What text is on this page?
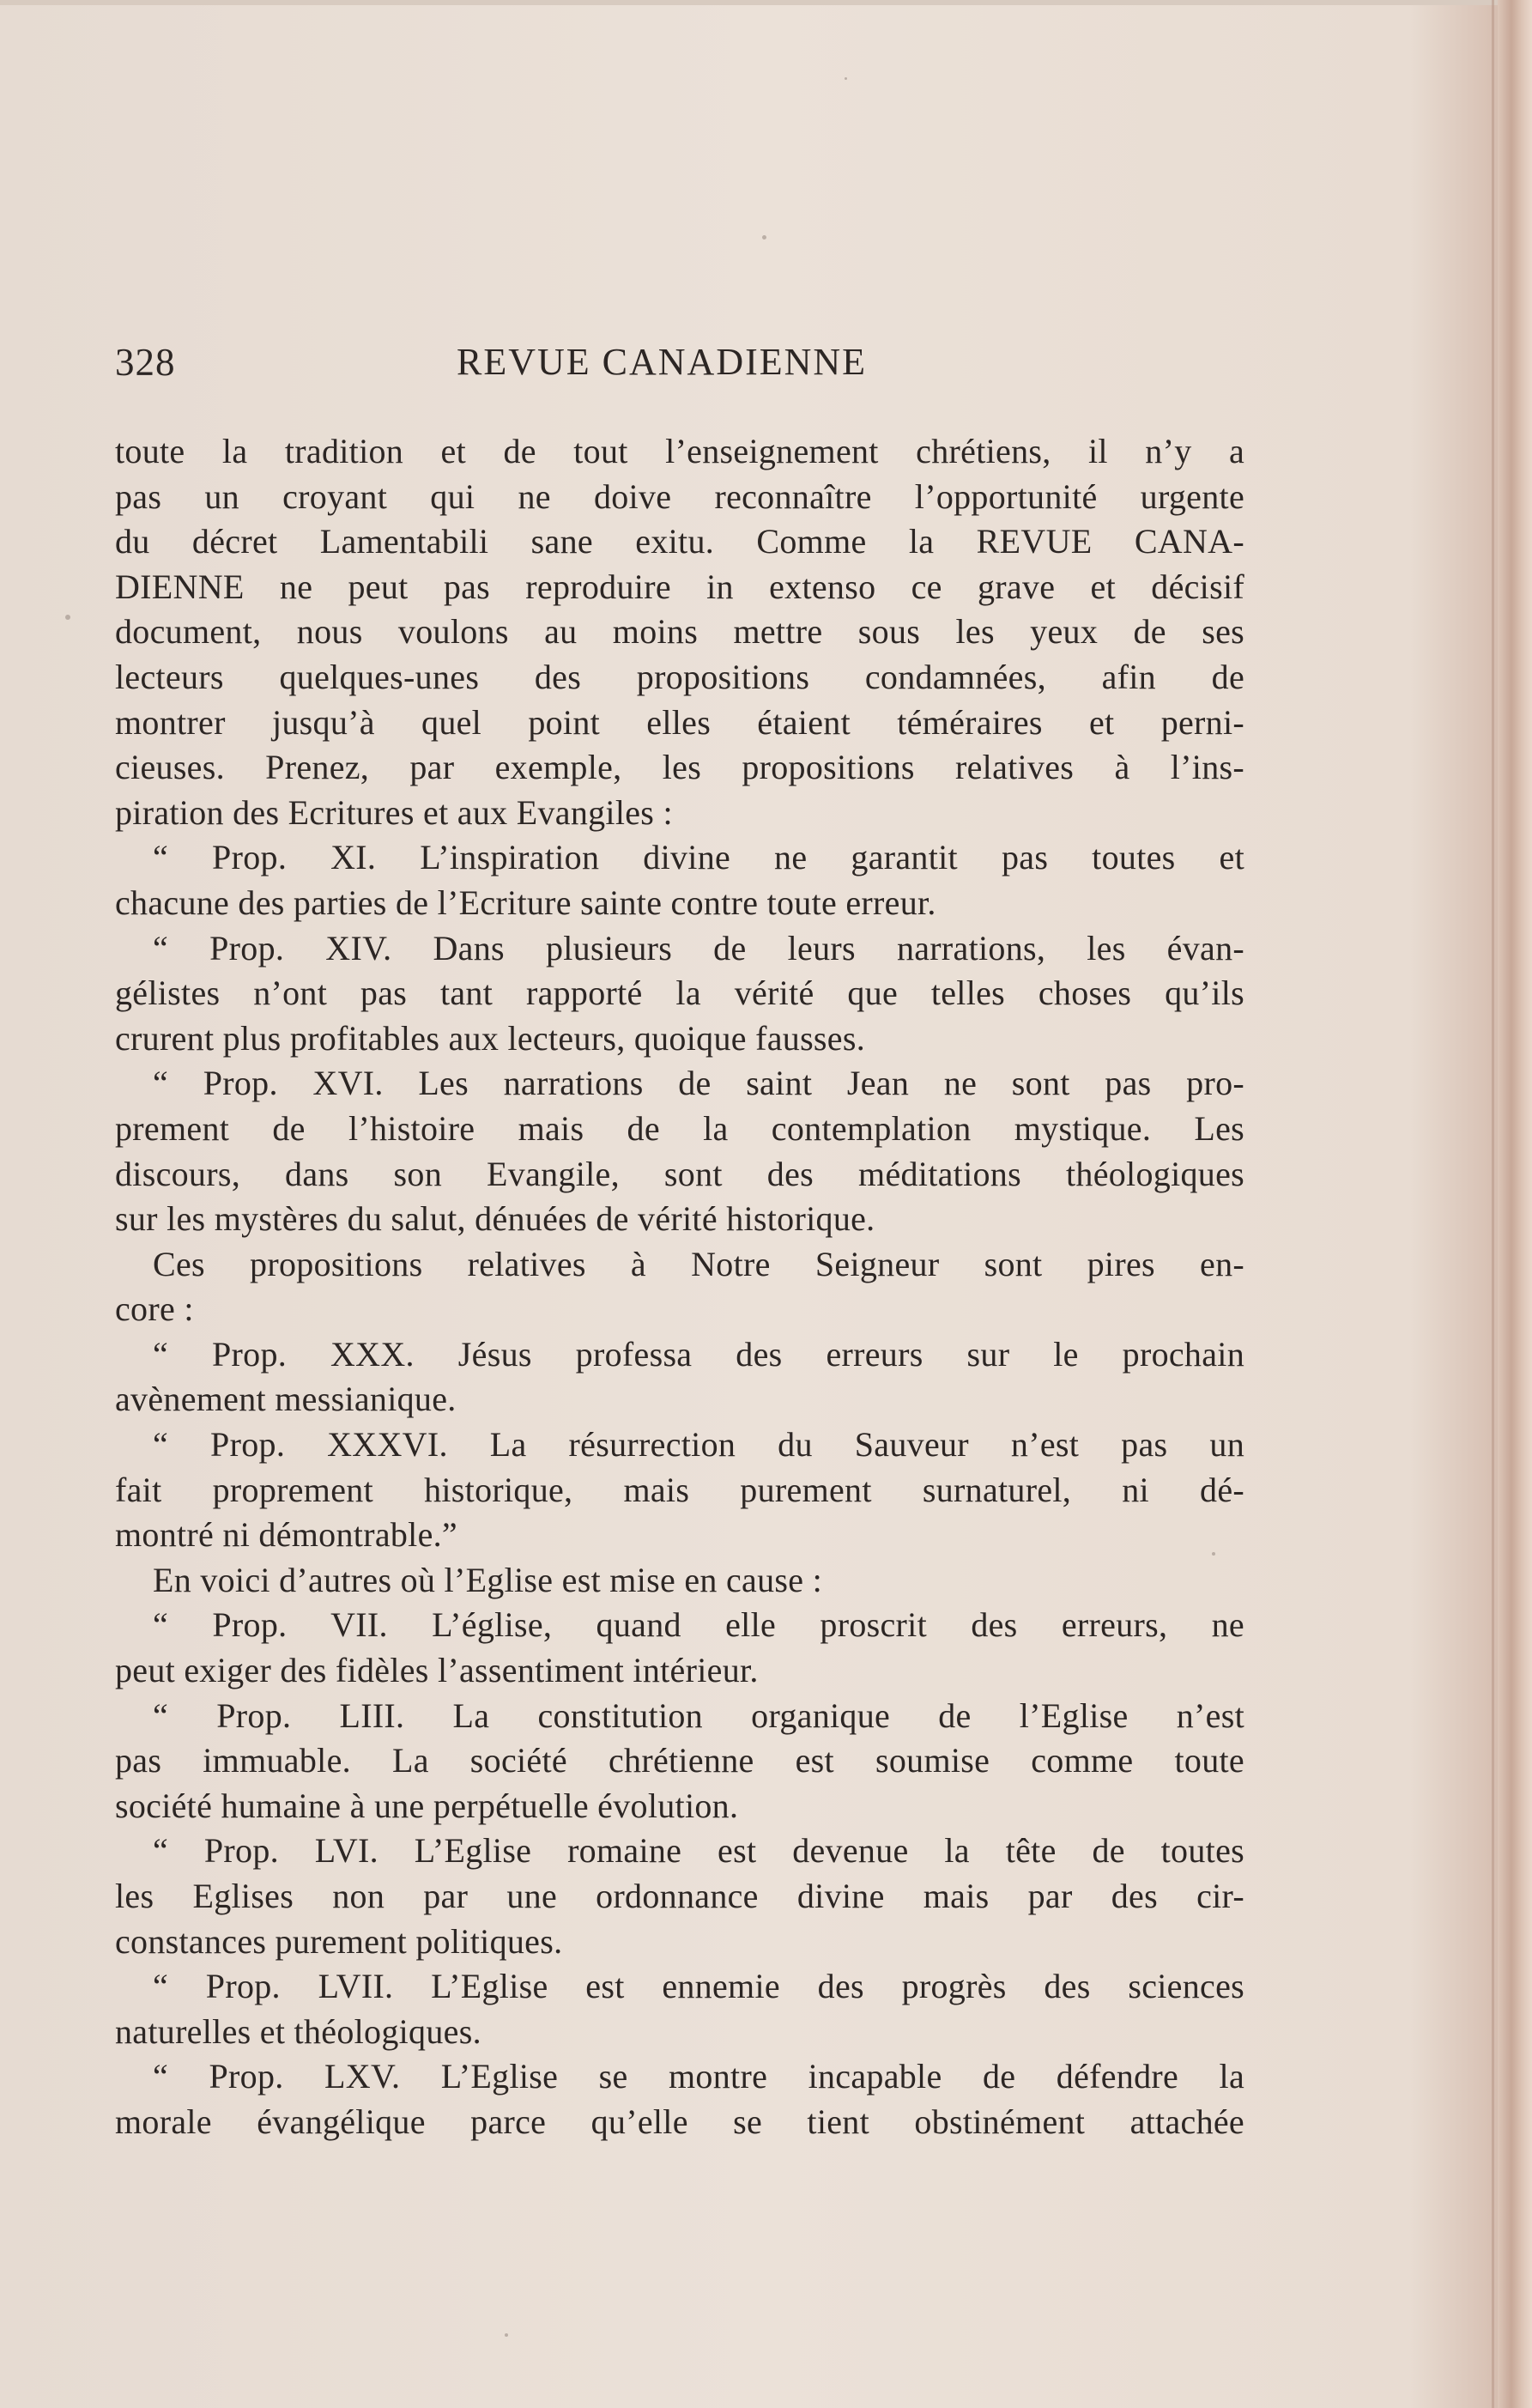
328	REVUE CANADIENNE
toute la tradition et de tout l’enseignement chrétiens, il n’y a
pas un croyant qui ne doive reconnaître l’opportunité urgente
du décret Lamentabili sane exitu. Comme la REVUE CANA-
DIENNE ne peut pas reproduire in extenso ce grave et décisif
document, nous voulons au moins mettre sous les yeux de ses
lecteurs quelques-unes des propositions condamnées, afin de
montrer jusqu’à quel point elles étaient téméraires et perni-
cieuses. Prenez, par exemple, les propositions relatives à l’ins-
piration des Ecritures et aux Evangiles :
“ Prop. XI. L’inspiration divine ne garantit pas toutes et
chacune des parties de l’Ecriture sainte contre toute erreur.
“ Prop. XIV. Dans plusieurs de leurs narrations, les évan-
gélistes n’ont pas tant rapporté la vérité que telles choses qu’ils
crurent plus profitables aux lecteurs, quoique fausses.
“ Prop. XVI. Les narrations de saint Jean ne sont pas pro-
prement de l’histoire mais de la contemplation mystique. Les
discours, dans son Evangile, sont des méditations théologiques
sur les mystères du salut, dénuées de vérité historique.
Ces propositions relatives à Notre Seigneur sont pires en-
core :
“ Prop. XXX. Jésus professa des erreurs sur le prochain
avènement messianique.
“ Prop. XXXVI. La résurrection du Sauveur n’est pas un
fait proprement historique, mais purement surnaturel, ni dé-
montré ni démontrable.”
En voici d’autres où l’Eglise est mise en cause :
“ Prop. VII. L’église, quand elle proscrit des erreurs, ne
peut exiger des fidèles l’assentiment intérieur.
“ Prop. LIII. La constitution organique de l’Eglise n’est
pas immuable. La société chrétienne est soumise comme toute
société humaine à une perpétuelle évolution.
“ Prop. LVI. L’Eglise romaine est devenue la tête de toutes
les Eglises non par une ordonnance divine mais par des cir-
constances purement politiques.
“ Prop. LVII. L’Eglise est ennemie des progrès des sciences
naturelles et théologiques.
“ Prop. LXV. L’Eglise se montre incapable de défendre la
morale évangélique parce qu’elle se tient obstinément attachée
